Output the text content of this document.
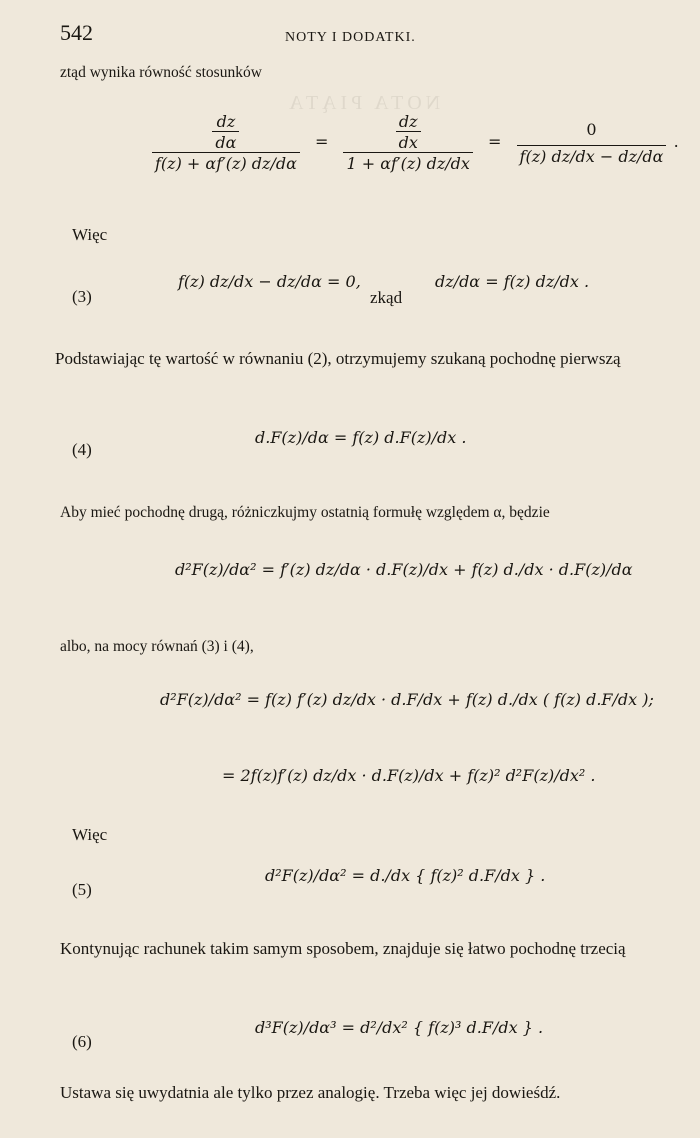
NOTA PIĄTA
542	NOTY I DODATKI.
ztąd wynika równość stosunków
$\frac{\frac{dz}{d\alpha}}{f(z) + \alpha f'(z) dz/d\alpha} = \frac{\frac{dz}{dx}}{1 + \alpha f'(z) dz/dx} = \frac{0}{f(z) dz/dx - dz/d\alpha}$ .
Więc
(3)
f(z) dz/dx − dz/dα = 0,	dz/dα = f(z) dz/dx .
zkąd
Podstawiając tę wartość w równaniu (2), otrzymujemy szukaną pochodnę pierwszą
(4)
d.F(z)/dα = f(z) d.F(z)/dx .
Aby mieć pochodnę drugą, różniczkujmy ostatnią formułę względem α, będzie
d²F(z)/dα² = f′(z) dz/dα · d.F(z)/dx + f(z) d./dx · d.F(z)/dα
albo, na mocy równań (3) i (4),
d²F(z)/dα² = f(z) f′(z) dz/dx · d.F/dx + f(z) d./dx ( f(z) d.F/dx );
= 2f(z)f′(z) dz/dx · d.F(z)/dx + f(z)² d²F(z)/dx² .
Więc
(5)
d²F(z)/dα² = d./dx { f(z)² d.F/dx } .
Kontynując rachunek takim samym sposobem, znajduje się łatwo pochodnę trzecią
(6)
d³F(z)/dα³ = d²/dx² { f(z)³ d.F/dx } .
Ustawa się uwydatnia ale tylko przez analogię. Trzeba więc jej dowieśdź.
